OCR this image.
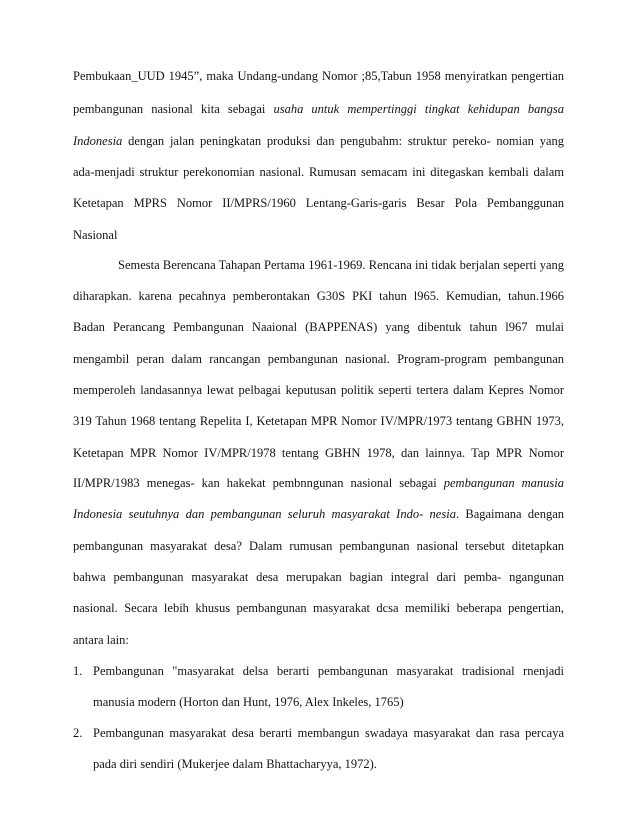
Pembukaan_UUD 1945”, maka Undang-undang Nomor ;85,Tabun 1958 menyiratkan pengertian
pembangunan nasional kita sebagai usaha untuk mempertinggi tingkat kehidupan bangsa
Indonesia dengan jalan peningkatan produksi dan pengubahm: struktur pereko- nomian yang
ada-menjadi struktur perekonomian nasional. Rumusan semacam ini ditegaskan kembali dalam
Ketetapan MPRS Nomor II/MPRS/1960 Lentang-Garis-garis Besar Pola Pembanggunan
Nasional
Semesta Berencana Tahapan Pertama 1961-1969. Rencana ini tidak berjalan seperti yang
diharapkan. karena pecahnya pemberontakan G30S PKI tahun l965. Kemudian, tahun.1966
Badan Perancang Pembangunan Naaional (BAPPENAS) yang dibentuk tahun l967 mulai
mengambil peran dalam rancangan pembangunan nasional. Program-program pembangunan
memperoleh landasannya lewat pelbagai keputusan politik seperti tertera dalam Kepres Nomor
319 Tahun 1968 tentang Repelita I, Ketetapan MPR Nomor IV/MPR/1973 tentang GBHN 1973,
Ketetapan MPR Nomor IV/MPR/1978 tentang GBHN 1978, dan lainnya. Tap MPR Nomor
II/MPR/1983 menegas- kan hakekat pembnngunan nasional sebagai pembangunan manusia
Indonesia seutuhnya dan pembangunan seluruh masyarakat Indo- nesia. Bagaimana dengan
pembangunan masyarakat desa? Dalam rumusan pembangunan nasional tersebut ditetapkan
bahwa pembangunan masyarakat desa merupakan bagian integral dari pemba- ngangunan
nasional. Secara lebih khusus pembangunan masyarakat dcsa memiliki beberapa pengertian,
antara lain:
1. Pembangunan "masyarakat delsa berarti pembangunan masyarakat tradisional rnenjadi
manusia modern (Horton dan Hunt, 1976, Alex Inkeles, 1765)
2. Pembangunan masyarakat desa berarti membangun swadaya masyarakat dan rasa percaya
pada diri sendiri (Mukerjee dalam Bhattacharyya, 1972).
